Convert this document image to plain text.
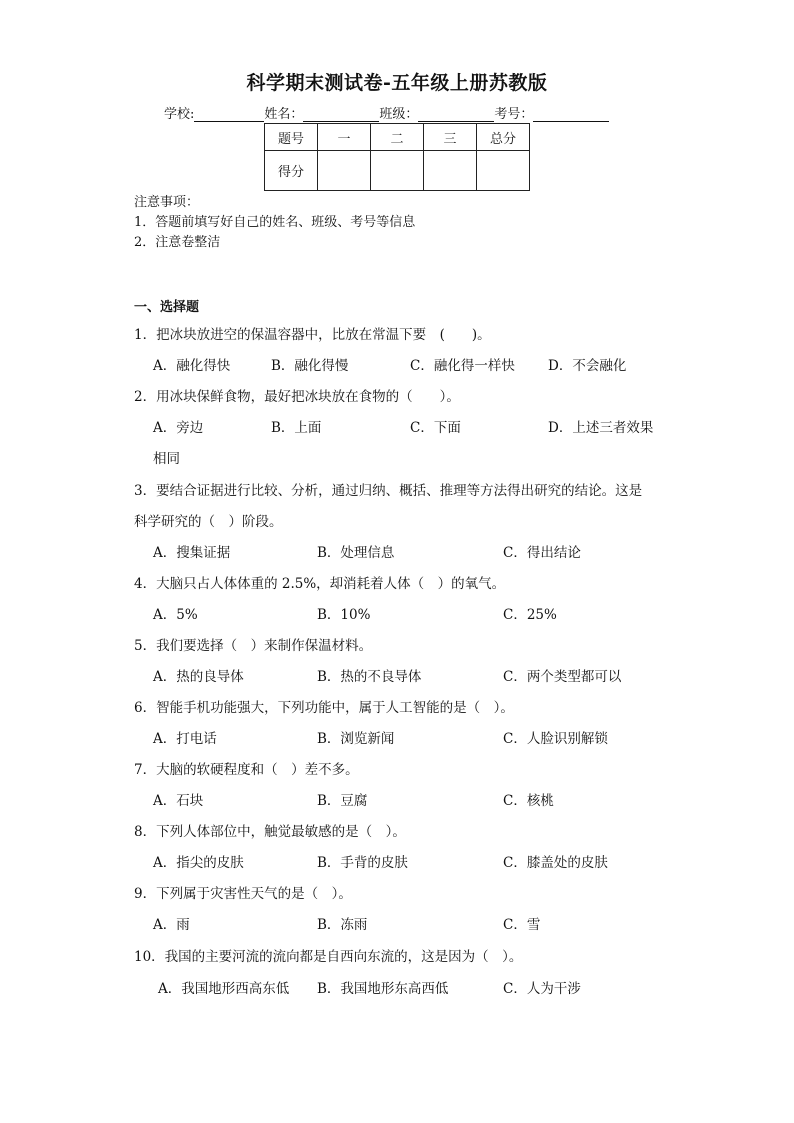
科学期末测试卷-五年级上册苏教版
学校:	姓名：	班级：	考号：
题号	一	二	三	总分
得分				
注意事项：
1．答题前填写好自己的姓名、班级、考号等信息
2．注意卷整洁
一、选择题
1．把冰块放进空的保温容器中，比放在常温下要　(　　)。
A．融化得快	B．融化得慢	C．融化得一样快 D．不会融化
2．用冰块保鲜食物，最好把冰块放在食物的（　　）。
A．旁边	B．上面	C．下面	D．上述三者效果
相同
3．要结合证据进行比较、分析，通过归纳、概括、推理等方法得出研究的结论。这是
科学研究的（　）阶段。
A．搜集证据	B．处理信息	C．得出结论
4．大脑只占人体体重的 2.5%，却消耗着人体（　）的氧气。
A．5%	B．10%	C．25%
5．我们要选择（　）来制作保温材料。
A．热的良导体	B．热的不良导体	C．两个类型都可以
6．智能手机功能强大，下列功能中，属于人工智能的是（　）。
A．打电话	B．浏览新闻	C．人脸识别解锁
7．大脑的软硬程度和（　）差不多。
A．石块	B．豆腐	C．核桃
8．下列人体部位中，触觉最敏感的是（　）。
A．指尖的皮肤	B．手背的皮肤	C．膝盖处的皮肤
9．下列属于灾害性天气的是（　）。
A．雨	B．冻雨	C．雪
10．我国的主要河流的流向都是自西向东流的，这是因为（　）。
A．我国地形西高东低 B．我国地形东高西低	C．人为干涉
